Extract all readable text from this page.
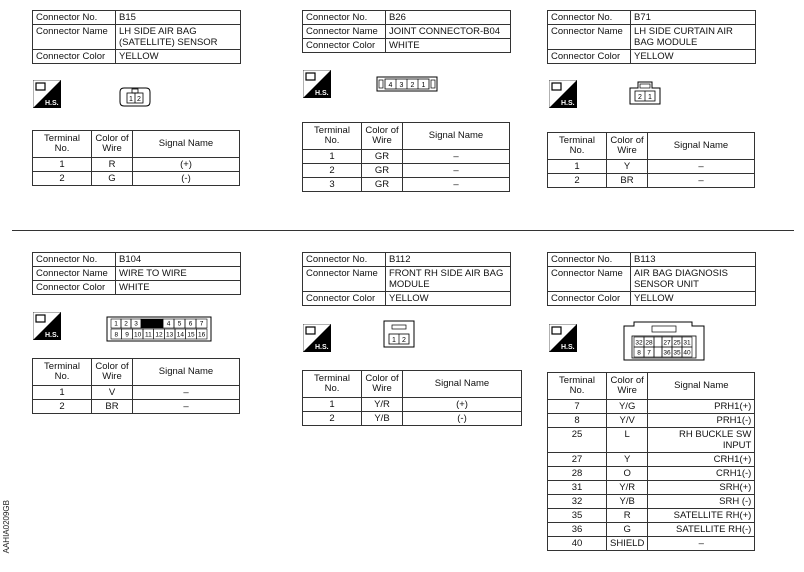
Connector No.	B15
Connector Name	LH SIDE AIR BAG (SATELLITE) SENSOR
Connector Color	YELLOW
H.S.
1 2
Terminal No.	Color of Wire	Signal Name
1	R	(+)
2	G	(-)
Connector No.	B26
Connector Name	JOINT CONNECTOR-B04
Connector Color	WHITE
H.S.
4 3 2 1
Terminal No.	Color of Wire	Signal Name
1	GR	–
2	GR	–
3	GR	–
Connector No.	B71
Connector Name	LH SIDE CURTAIN AIR BAG MODULE
Connector Color	YELLOW
H.S.
2 1
Terminal No.	Color of Wire	Signal Name
1	Y	–
2	BR	–
Connector No.	B104
Connector Name	WIRE TO WIRE
Connector Color	WHITE
H.S.
1 2 3	4 5 6 7
8 9 10 11 12 13 14 15 16
Terminal No.	Color of Wire	Signal Name
1	V	–
2	BR	–
Connector No.	B112
Connector Name	FRONT RH SIDE AIR BAG MODULE
Connector Color	YELLOW
H.S.
1 2
Terminal No.	Color of Wire	Signal Name
1	Y/R	(+)
2	Y/B	(-)
Connector No.	B113
Connector Name	AIR BAG DIAGNOSIS SENSOR UNIT
Connector Color	YELLOW
H.S.
32 28 27 25 31
8 7 36 35 40
Terminal No.	Color of Wire	Signal Name
7	Y/G	PRH1(+)
8	Y/V	PRH1(-)
25	L	RH BUCKLE SW INPUT
27	Y	CRH1(+)
28	O	CRH1(-)
31	Y/R	SRH(+)
32	Y/B	SRH (-)
35	R	SATELLITE RH(+)
36	G	SATELLITE RH(-)
40	SHIELD	–
AAHIA0209GB
